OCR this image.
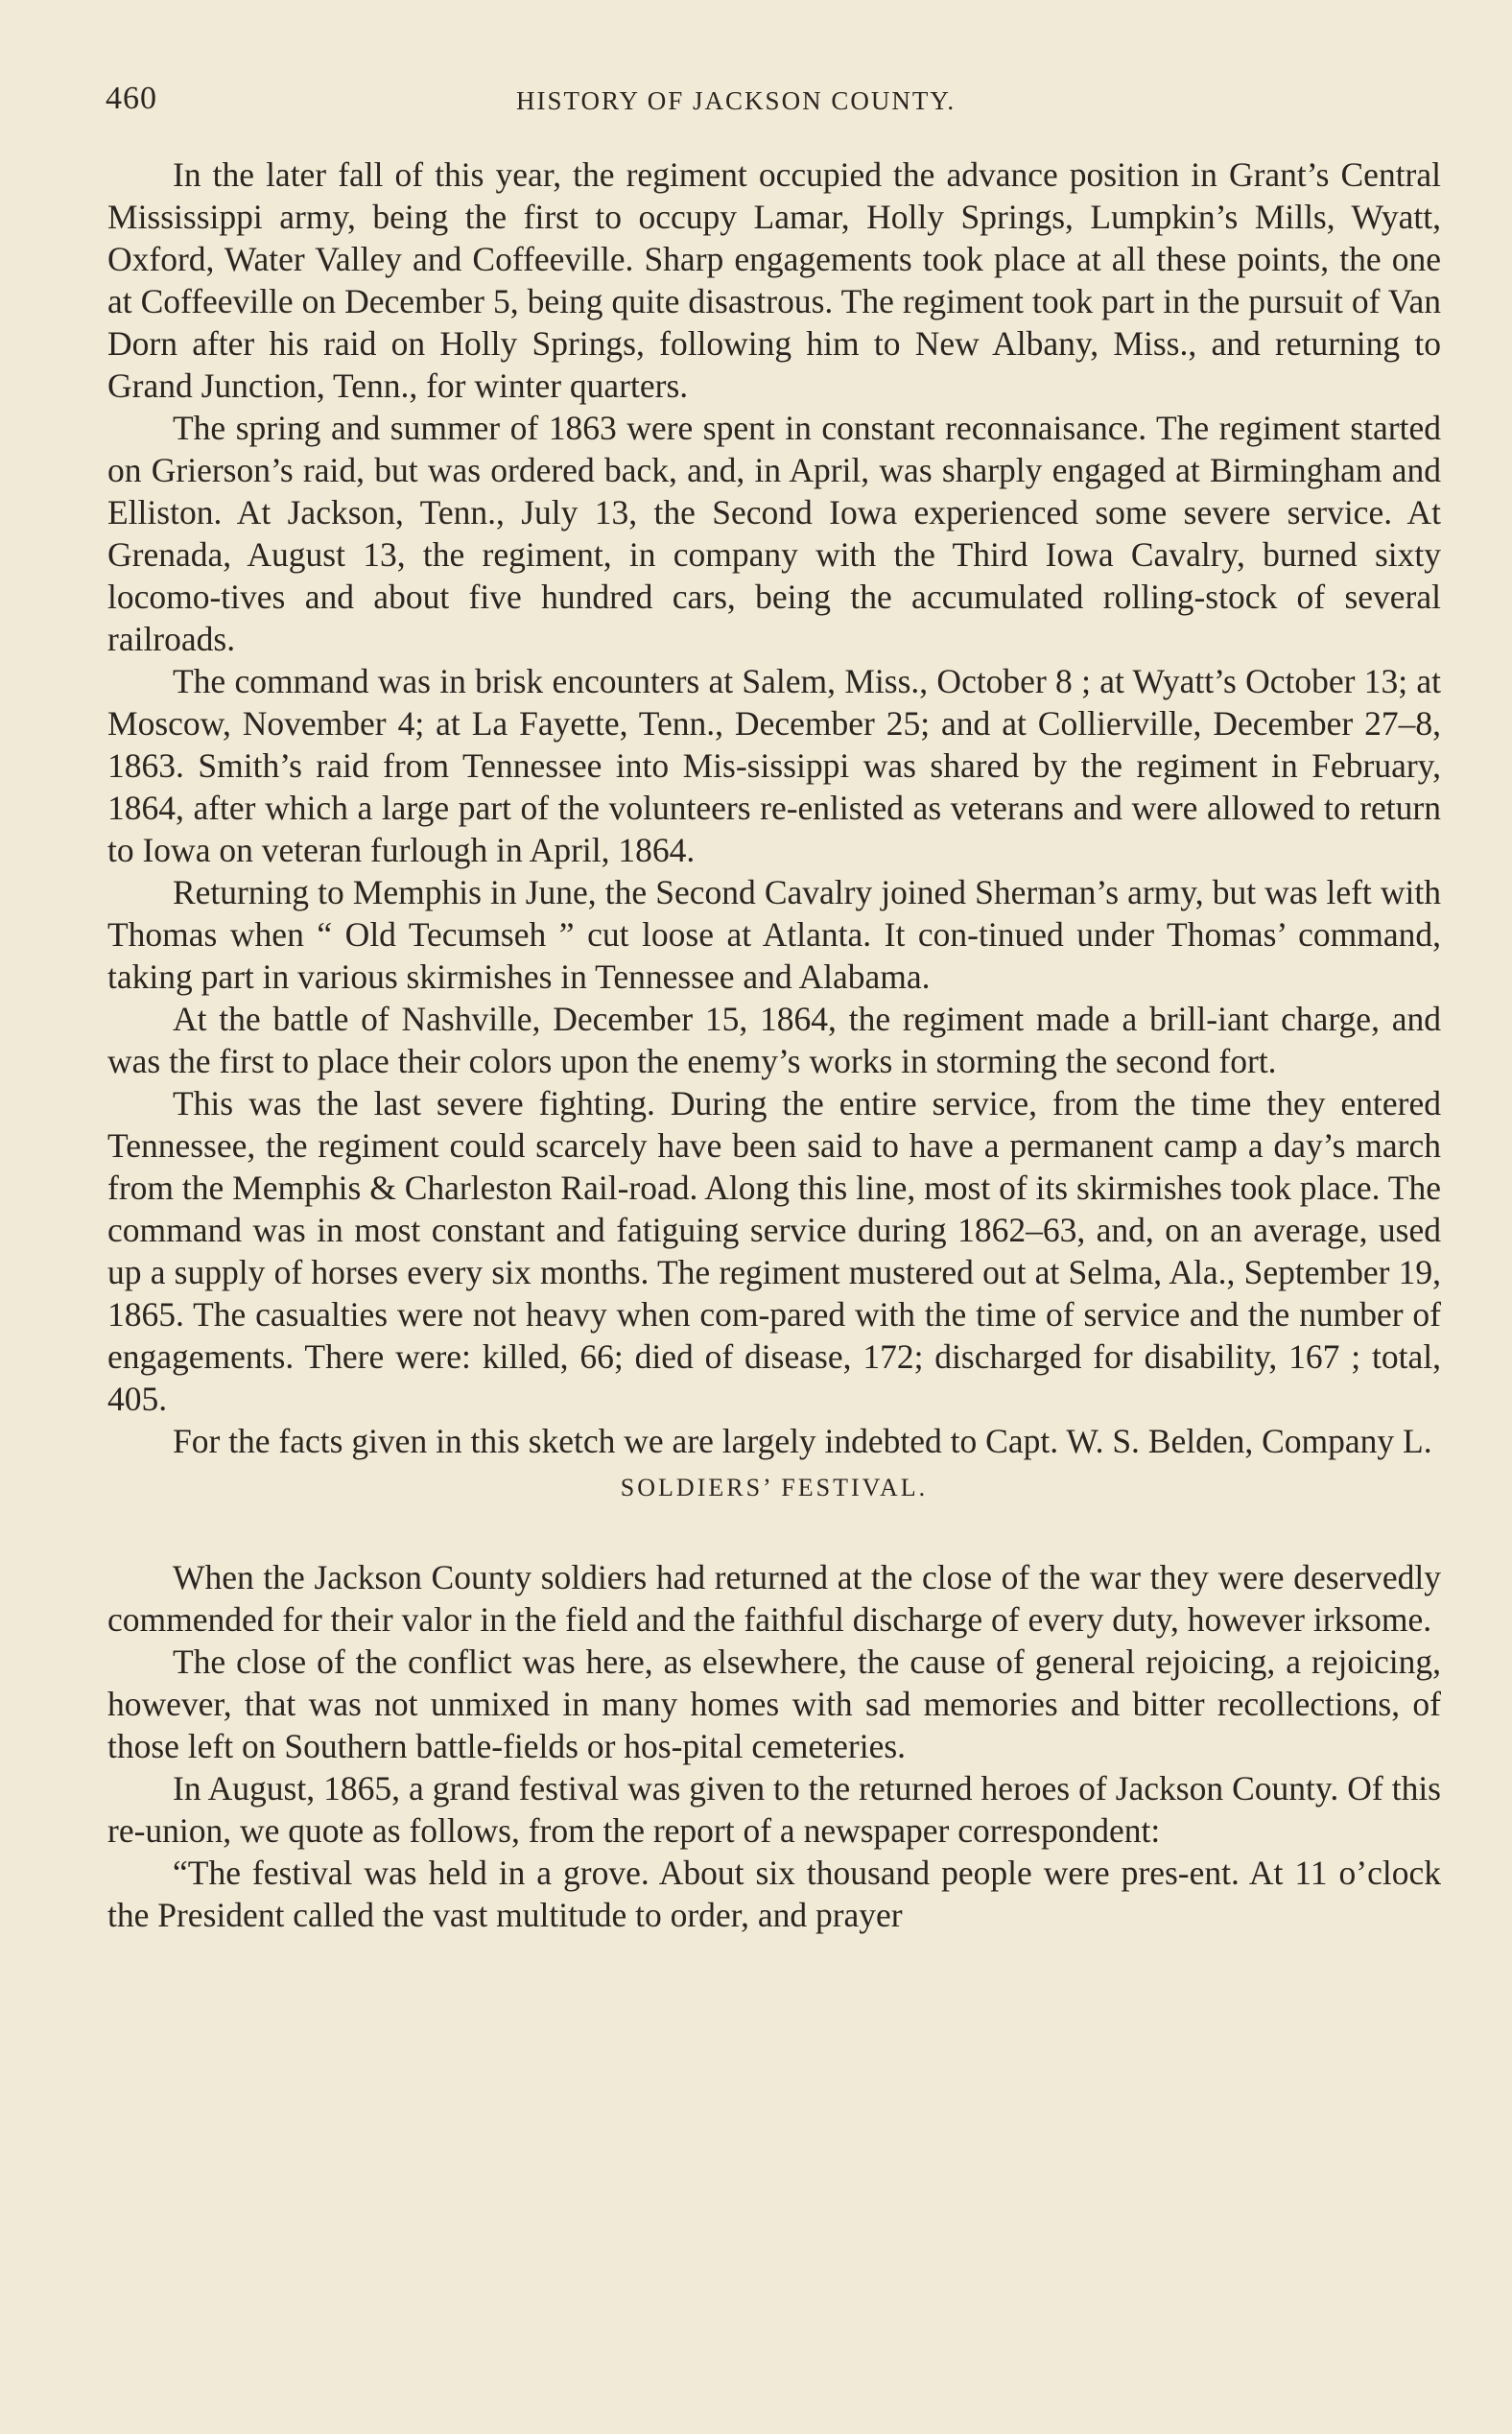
460	HISTORY OF JACKSON COUNTY.

In the later fall of this year, the regiment occupied the advance position in Grant’s Central Mississippi army, being the first to occupy Lamar, Holly Springs, Lumpkin’s Mills, Wyatt, Oxford, Water Valley and Coffeeville. Sharp engagements took place at all these points, the one at Coffeeville on December 5, being quite disastrous. The regiment took part in the pursuit of Van Dorn after his raid on Holly Springs, following him to New Albany, Miss., and returning to Grand Junction, Tenn., for winter quarters.

The spring and summer of 1863 were spent in constant reconnaisance. The regiment started on Grierson’s raid, but was ordered back, and, in April, was sharply engaged at Birmingham and Elliston. At Jackson, Tenn., July 13, the Second Iowa experienced some severe service. At Grenada, August 13, the regiment, in company with the Third Iowa Cavalry, burned sixty locomo-tives and about five hundred cars, being the accumulated rolling-stock of several railroads.

The command was in brisk encounters at Salem, Miss., October 8 ; at Wyatt’s October 13; at Moscow, November 4; at La Fayette, Tenn., December 25; and at Collierville, December 27–8, 1863. Smith’s raid from Tennessee into Mis-sissippi was shared by the regiment in February, 1864, after which a large part of the volunteers re-enlisted as veterans and were allowed to return to Iowa on veteran furlough in April, 1864.

Returning to Memphis in June, the Second Cavalry joined Sherman’s army, but was left with Thomas when “ Old Tecumseh ” cut loose at Atlanta. It con-tinued under Thomas’ command, taking part in various skirmishes in Tennessee and Alabama.

At the battle of Nashville, December 15, 1864, the regiment made a brill-iant charge, and was the first to place their colors upon the enemy’s works in storming the second fort.

This was the last severe fighting. During the entire service, from the time they entered Tennessee, the regiment could scarcely have been said to have a permanent camp a day’s march from the Memphis & Charleston Rail-road. Along this line, most of its skirmishes took place. The command was in most constant and fatiguing service during 1862–63, and, on an average, used up a supply of horses every six months. The regiment mustered out at Selma, Ala., September 19, 1865. The casualties were not heavy when com-pared with the time of service and the number of engagements. There were: killed, 66; died of disease, 172; discharged for disability, 167 ; total, 405.

For the facts given in this sketch we are largely indebted to Capt. W. S. Belden, Company L.

SOLDIERS’ FESTIVAL.

When the Jackson County soldiers had returned at the close of the war they were deservedly commended for their valor in the field and the faithful discharge of every duty, however irksome.

The close of the conflict was here, as elsewhere, the cause of general rejoicing, a rejoicing, however, that was not unmixed in many homes with sad memories and bitter recollections, of those left on Southern battle-fields or hos-pital cemeteries.

In August, 1865, a grand festival was given to the returned heroes of Jackson County. Of this re-union, we quote as follows, from the report of a newspaper correspondent:

“The festival was held in a grove. About six thousand people were pres-ent. At 11 o’clock the President called the vast multitude to order, and prayer
